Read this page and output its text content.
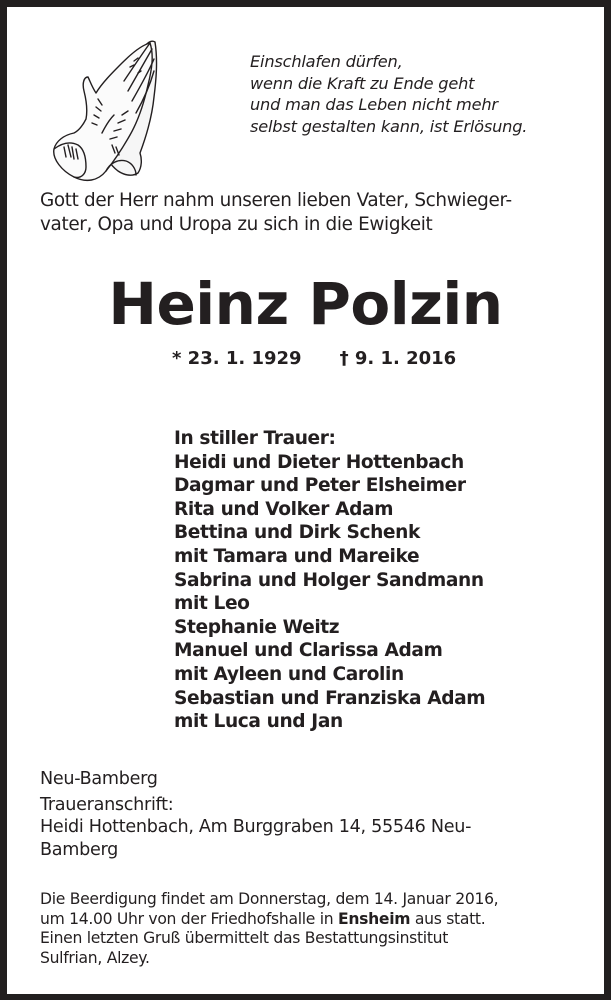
Einschlafen dürfen,
wenn die Kraft zu Ende geht
und man das Leben nicht mehr
selbst gestalten kann, ist Erlösung.
Gott der Herr nahm unseren lieben Vater, Schwieger-
vater, Opa und Uropa zu sich in die Ewigkeit
Heinz Polzin
* 23. 1. 1929 † 9. 1. 2016
In stiller Trauer:
Heidi und Dieter Hottenbach
Dagmar und Peter Elsheimer
Rita und Volker Adam
Bettina und Dirk Schenk
mit Tamara und Mareike
Sabrina und Holger Sandmann
mit Leo
Stephanie Weitz
Manuel und Clarissa Adam
mit Ayleen und Carolin
Sebastian und Franziska Adam
mit Luca und Jan
Neu-Bamberg
Traueranschrift:
Heidi Hottenbach, Am Burggraben 14, 55546 Neu-
Bamberg
Die Beerdigung findet am Donnerstag, dem 14. Januar 2016,
um 14.00 Uhr von der Friedhofshalle in Ensheim aus statt.
Einen letzten Gruß übermittelt das Bestattungsinstitut
Sulfrian, Alzey.
